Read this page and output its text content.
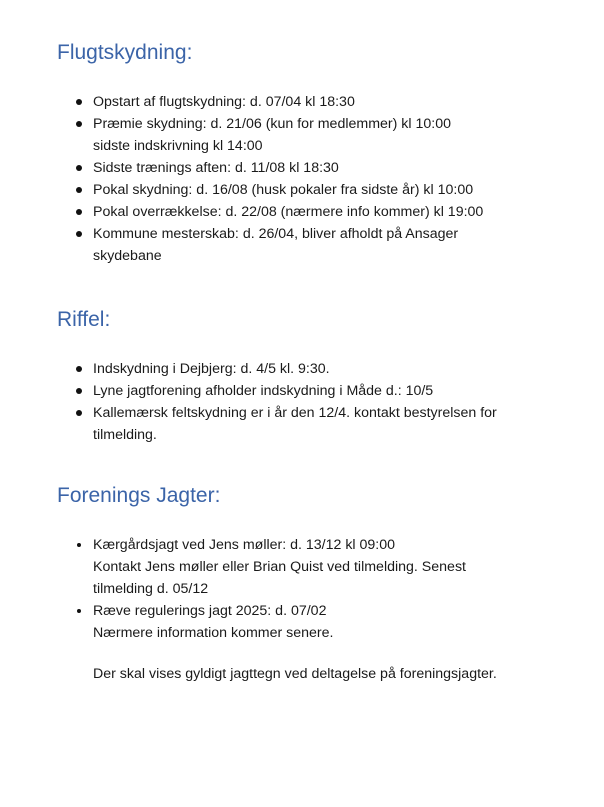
Flugtskydning:
Opstart af flugtskydning: d. 07/04 kl 18:30
Præmie skydning: d. 21/06 (kun for medlemmer) kl 10:00
sidste indskrivning kl 14:00
Sidste trænings aften: d. 11/08 kl 18:30
Pokal skydning: d. 16/08 (husk pokaler fra sidste år) kl 10:00
Pokal overrækkelse: d. 22/08 (nærmere info kommer) kl 19:00
Kommune mesterskab: d. 26/04, bliver afholdt på Ansager
skydebane
Riffel:
Indskydning i Dejbjerg: d. 4/5 kl. 9:30.
Lyne jagtforening afholder indskydning i Måde d.: 10/5
Kallemærsk feltskydning er i år den 12/4. kontakt bestyrelsen for
tilmelding.
Forenings Jagter:
Kærgårdsjagt ved Jens møller: d. 13/12 kl 09:00
Kontakt Jens møller eller Brian Quist ved tilmelding. Senest
tilmelding d. 05/12
Ræve regulerings jagt 2025: d. 07/02
Nærmere information kommer senere.
Der skal vises gyldigt jagttegn ved deltagelse på foreningsjagter.
